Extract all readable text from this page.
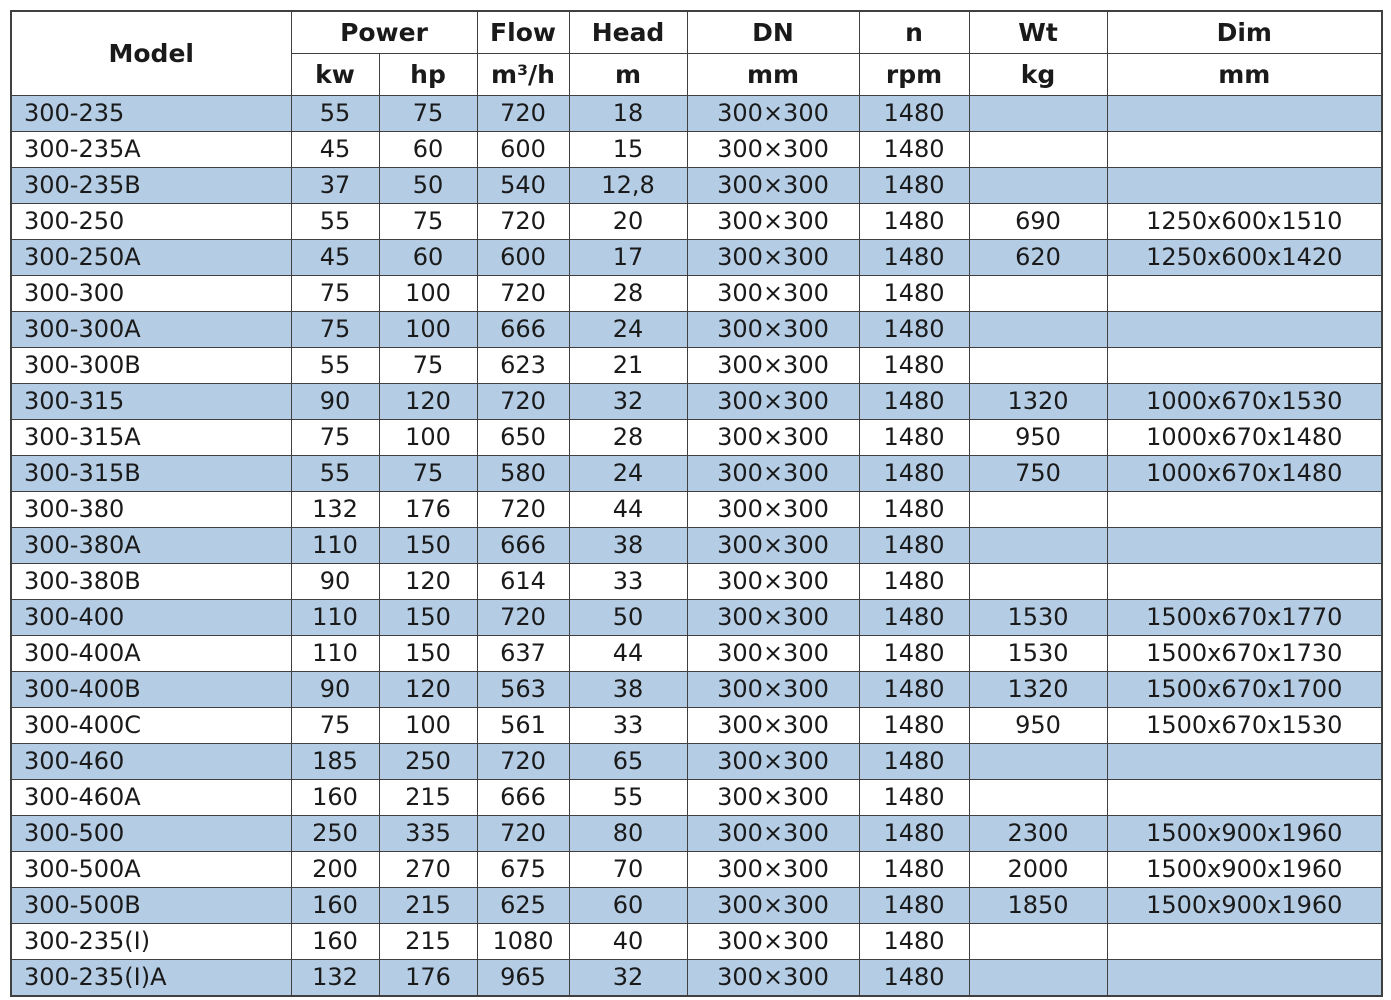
Model	Power		Flow	Head	DN	n	Wt	Dim
	kw	hp	m³/h	m	mm	rpm	kg	mm
300-235	55	75	720	18	300×300	1480		
300-235A	45	60	600	15	300×300	1480		
300-235B	37	50	540	12,8	300×300	1480		
300-250	55	75	720	20	300×300	1480	690	1250x600x1510
300-250A	45	60	600	17	300×300	1480	620	1250x600x1420
300-300	75	100	720	28	300×300	1480		
300-300A	75	100	666	24	300×300	1480		
300-300B	55	75	623	21	300×300	1480		
300-315	90	120	720	32	300×300	1480	1320	1000x670x1530
300-315A	75	100	650	28	300×300	1480	950	1000x670x1480
300-315B	55	75	580	24	300×300	1480	750	1000x670x1480
300-380	132	176	720	44	300×300	1480		
300-380A	110	150	666	38	300×300	1480		
300-380B	90	120	614	33	300×300	1480		
300-400	110	150	720	50	300×300	1480	1530	1500x670x1770
300-400A	110	150	637	44	300×300	1480	1530	1500x670x1730
300-400B	90	120	563	38	300×300	1480	1320	1500x670x1700
300-400C	75	100	561	33	300×300	1480	950	1500x670x1530
300-460	185	250	720	65	300×300	1480		
300-460A	160	215	666	55	300×300	1480		
300-500	250	335	720	80	300×300	1480	2300	1500x900x1960
300-500A	200	270	675	70	300×300	1480	2000	1500x900x1960
300-500B	160	215	625	60	300×300	1480	1850	1500x900x1960
300-235(I)	160	215	1080	40	300×300	1480		
300-235(I)A	132	176	965	32	300×300	1480		
